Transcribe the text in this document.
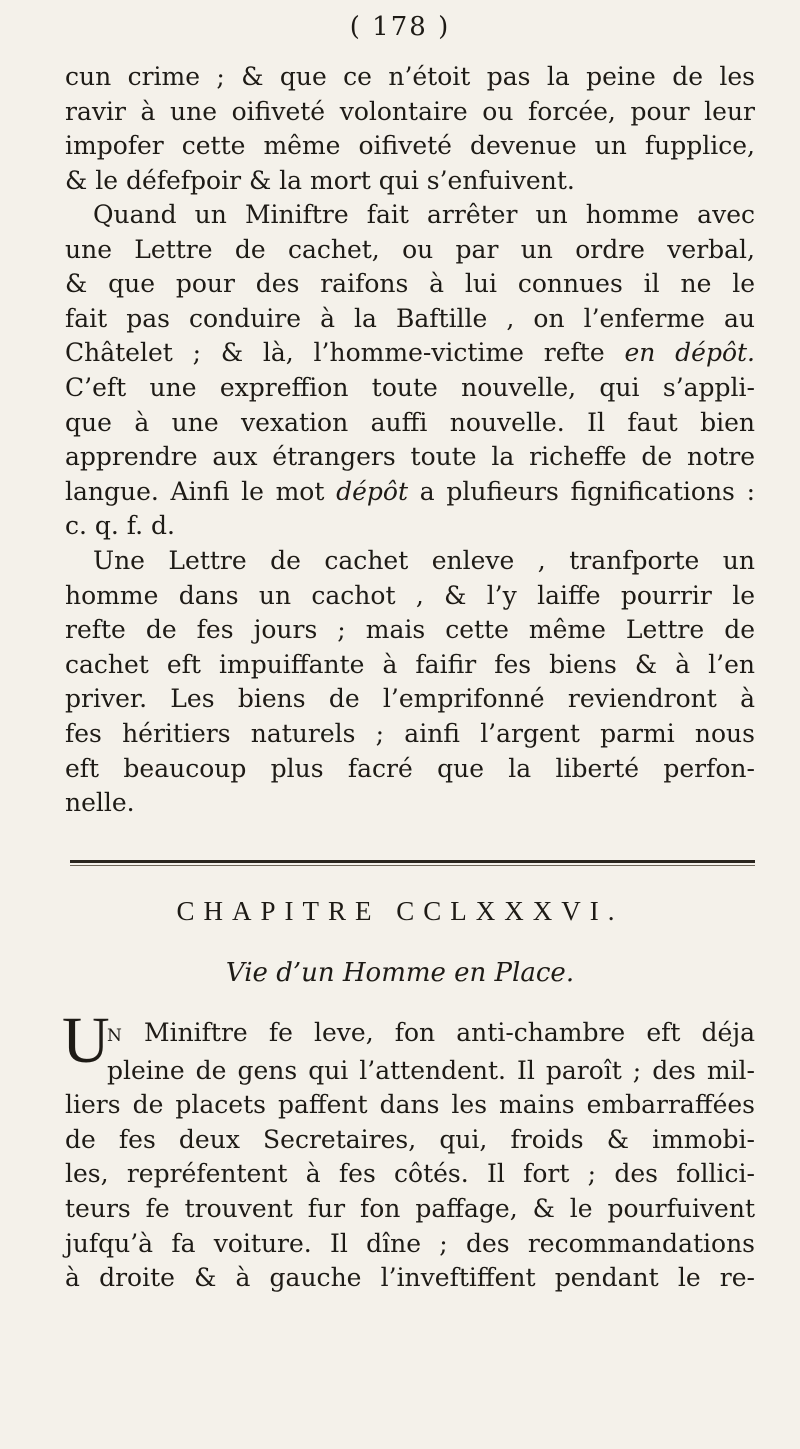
( 178 )
cun crime ; & que ce n’étoit pas la peine de les
ravir à une oifiveté volontaire ou forcée, pour leur
impofer cette même oifiveté devenue un fupplice,
& le défefpoir & la mort qui s’enfuivent.
Quand un Miniftre fait arrêter un homme avec
une Lettre de cachet, ou par un ordre verbal,
& que pour des raifons à lui connues il ne le
fait pas conduire à la Baftille , on l’enferme au
Châtelet ; & là, l’homme-victime refte en dépôt.
C’eft une expreffion toute nouvelle, qui s’appli-
que à une vexation auffi nouvelle. Il faut bien
apprendre aux étrangers toute la richeffe de notre
langue. Ainfi le mot dépôt a plufieurs fignifications :
c. q. f. d.
Une Lettre de cachet enleve , tranfporte un
homme dans un cachot , & l’y laiffe pourrir le
refte de fes jours ; mais cette même Lettre de
cachet eft impuiffante à faifir fes biens & à l’en
priver. Les biens de l’emprifonné reviendront à
fes héritiers naturels ; ainfi l’argent parmi nous
eft beaucoup plus facré que la liberté perfon-
nelle.
CHAPITRE CCLXXXVI.
Vie d’un Homme en Place.
U
N Miniftre fe leve, fon anti-chambre eft déja
pleine de gens qui l’attendent. Il paroît ; des mil-
liers de placets paffent dans les mains embarraffées
de fes deux Secretaires, qui, froids & immobi-
les, repréfentent à fes côtés. Il fort ; des follici-
teurs fe trouvent fur fon paffage, & le pourfuivent
jufqu’à fa voiture. Il dîne ; des recommandations
à droite & à gauche l’inveftiffent pendant le re-
